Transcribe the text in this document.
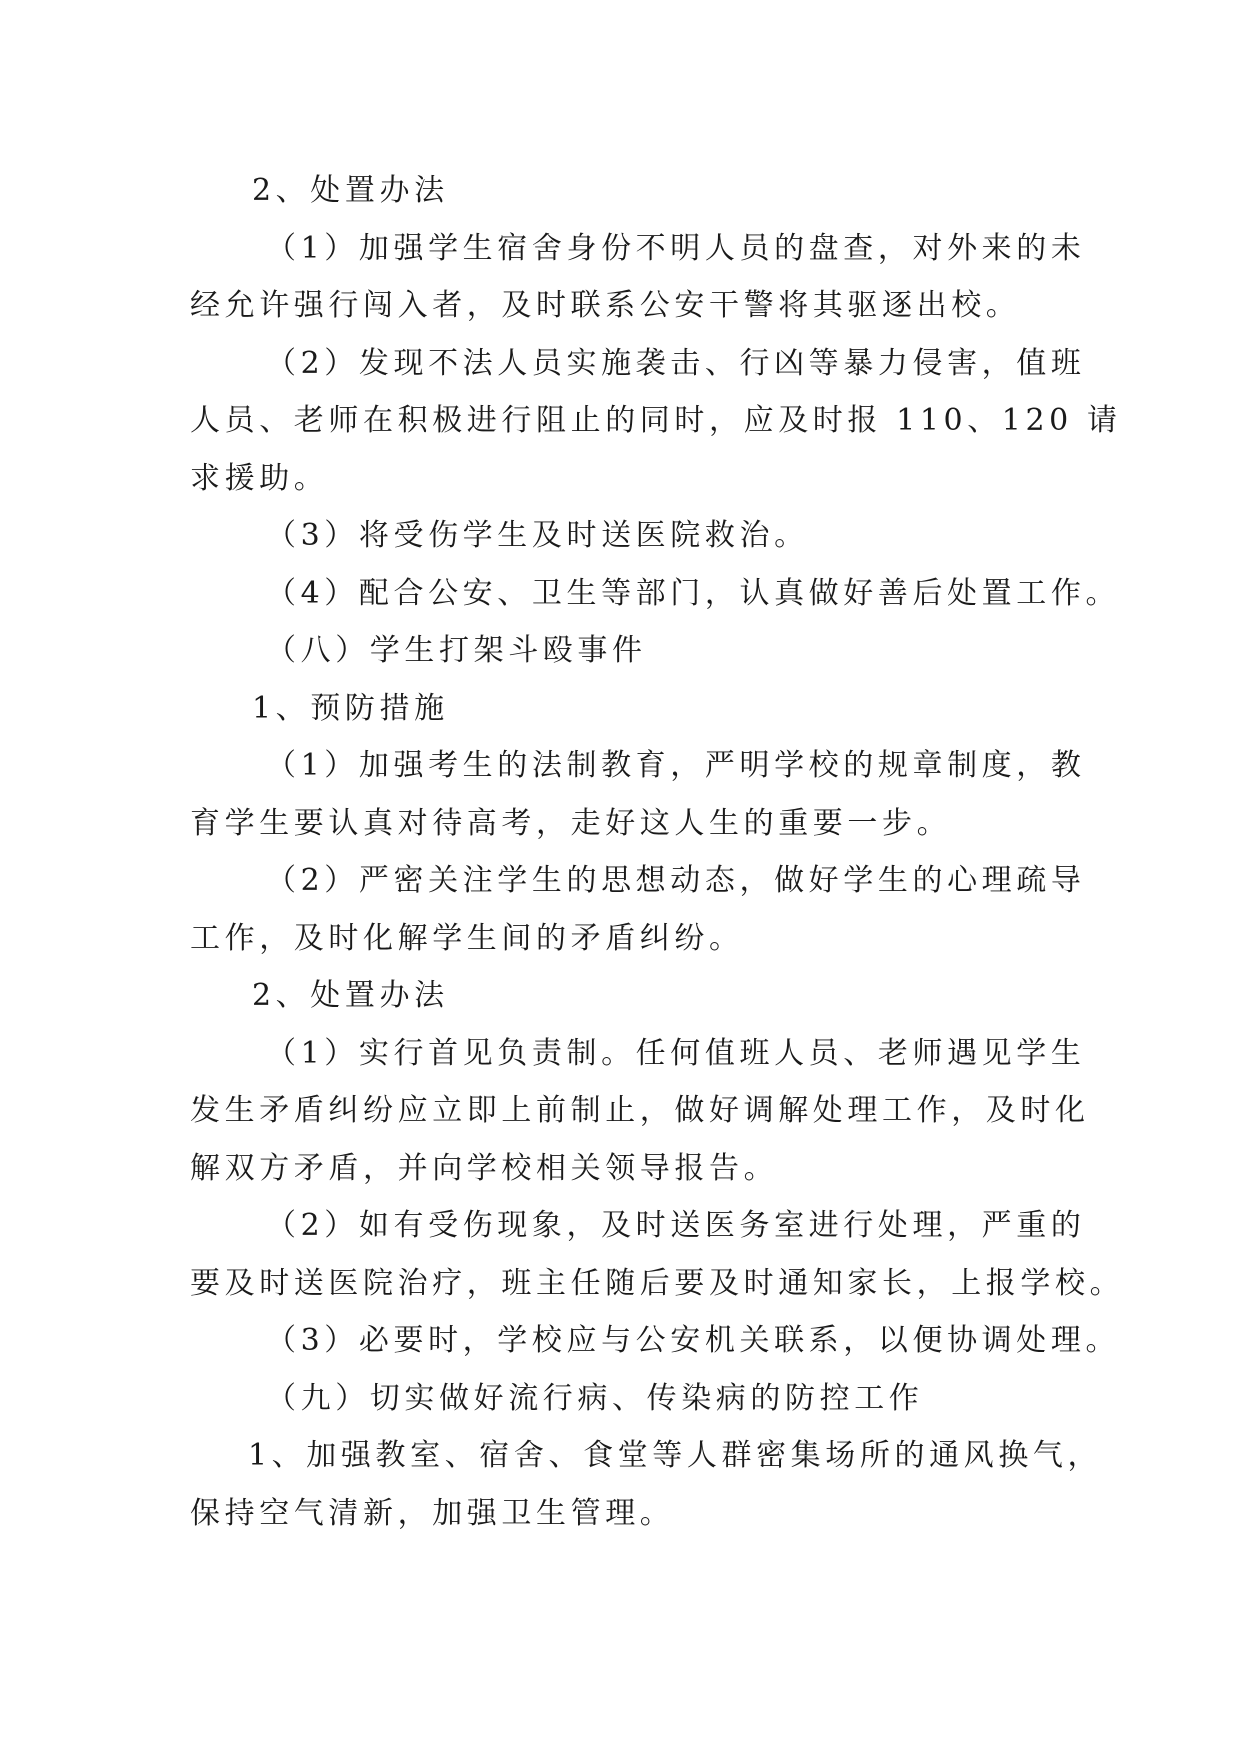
2、处置办法
（1）加强学生宿舍身份不明人员的盘查，对外来的未
经允许强行闯入者，及时联系公安干警将其驱逐出校。
（2）发现不法人员实施袭击、行凶等暴力侵害，值班
人员、老师在积极进行阻止的同时，应及时报 110、120 请
求援助。
（3）将受伤学生及时送医院救治。
（4）配合公安、卫生等部门，认真做好善后处置工作。
（八）学生打架斗殴事件
1、预防措施
（1）加强考生的法制教育，严明学校的规章制度，教
育学生要认真对待高考，走好这人生的重要一步。
（2）严密关注学生的思想动态，做好学生的心理疏导
工作，及时化解学生间的矛盾纠纷。
2、处置办法
（1）实行首见负责制。任何值班人员、老师遇见学生
发生矛盾纠纷应立即上前制止，做好调解处理工作，及时化
解双方矛盾，并向学校相关领导报告。
（2）如有受伤现象，及时送医务室进行处理，严重的
要及时送医院治疗，班主任随后要及时通知家长，上报学校。
（3）必要时，学校应与公安机关联系，以便协调处理。
（九）切实做好流行病、传染病的防控工作
1、加强教室、宿舍、食堂等人群密集场所的通风换气，
保持空气清新，加强卫生管理。
